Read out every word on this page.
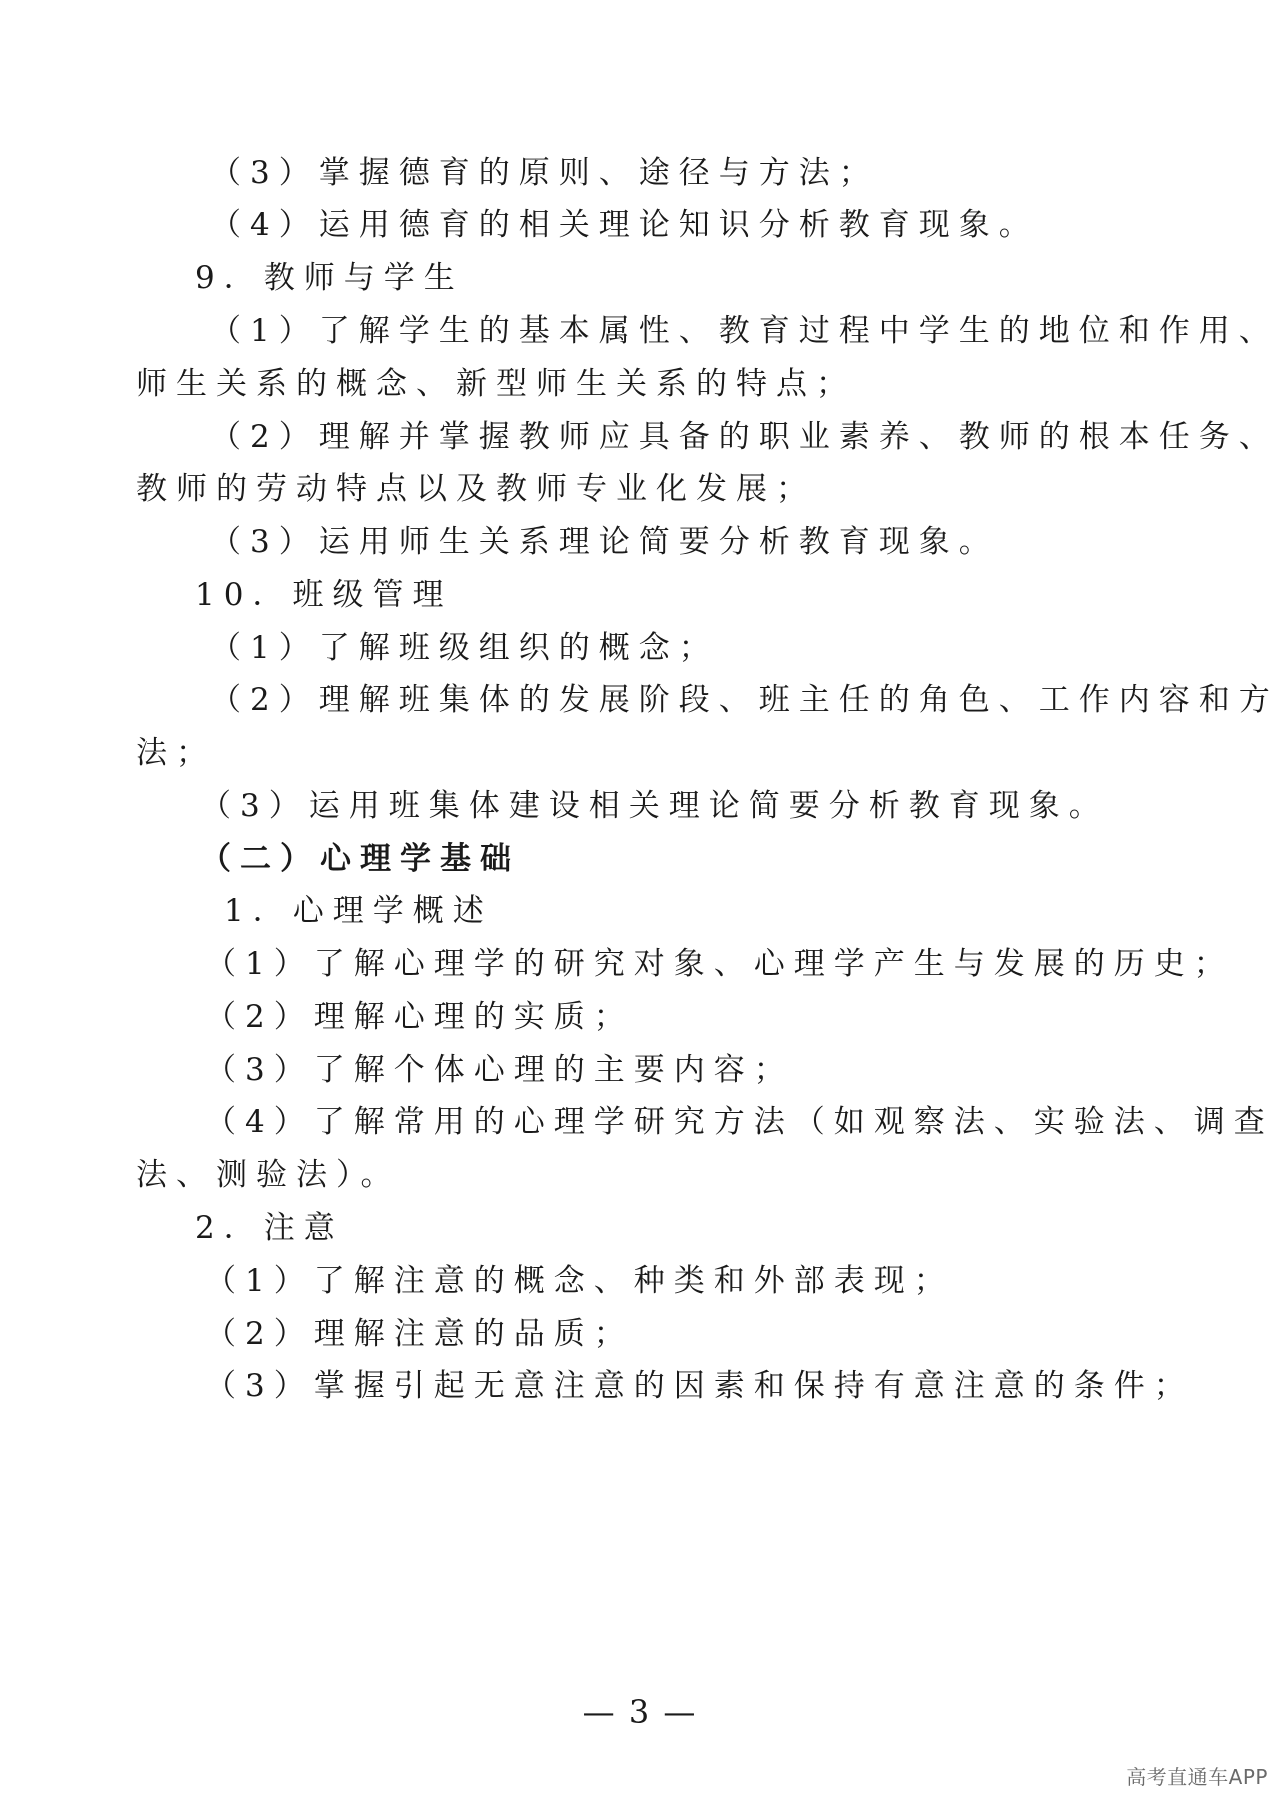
（3）掌握德育的原则、途径与方法；
（4）运用德育的相关理论知识分析教育现象。
9．教师与学生
（1）了解学生的基本属性、教育过程中学生的地位和作用、
师生关系的概念、新型师生关系的特点；
（2）理解并掌握教师应具备的职业素养、教师的根本任务、
教师的劳动特点以及教师专业化发展；
（3）运用师生关系理论简要分析教育现象。
10．班级管理
（1）了解班级组织的概念；
（2）理解班集体的发展阶段、班主任的角色、工作内容和方
法；
（3）运用班集体建设相关理论简要分析教育现象。
（二）心理学基础
1．心理学概述
（1）了解心理学的研究对象、心理学产生与发展的历史；
（2）理解心理的实质；
（3）了解个体心理的主要内容；
（4）了解常用的心理学研究方法（如观察法、实验法、调查
法、测验法）。
2．注意
（1）了解注意的概念、种类和外部表现；
（2）理解注意的品质；
（3）掌握引起无意注意的因素和保持有意注意的条件；
— 3 —
高考直通车APP
